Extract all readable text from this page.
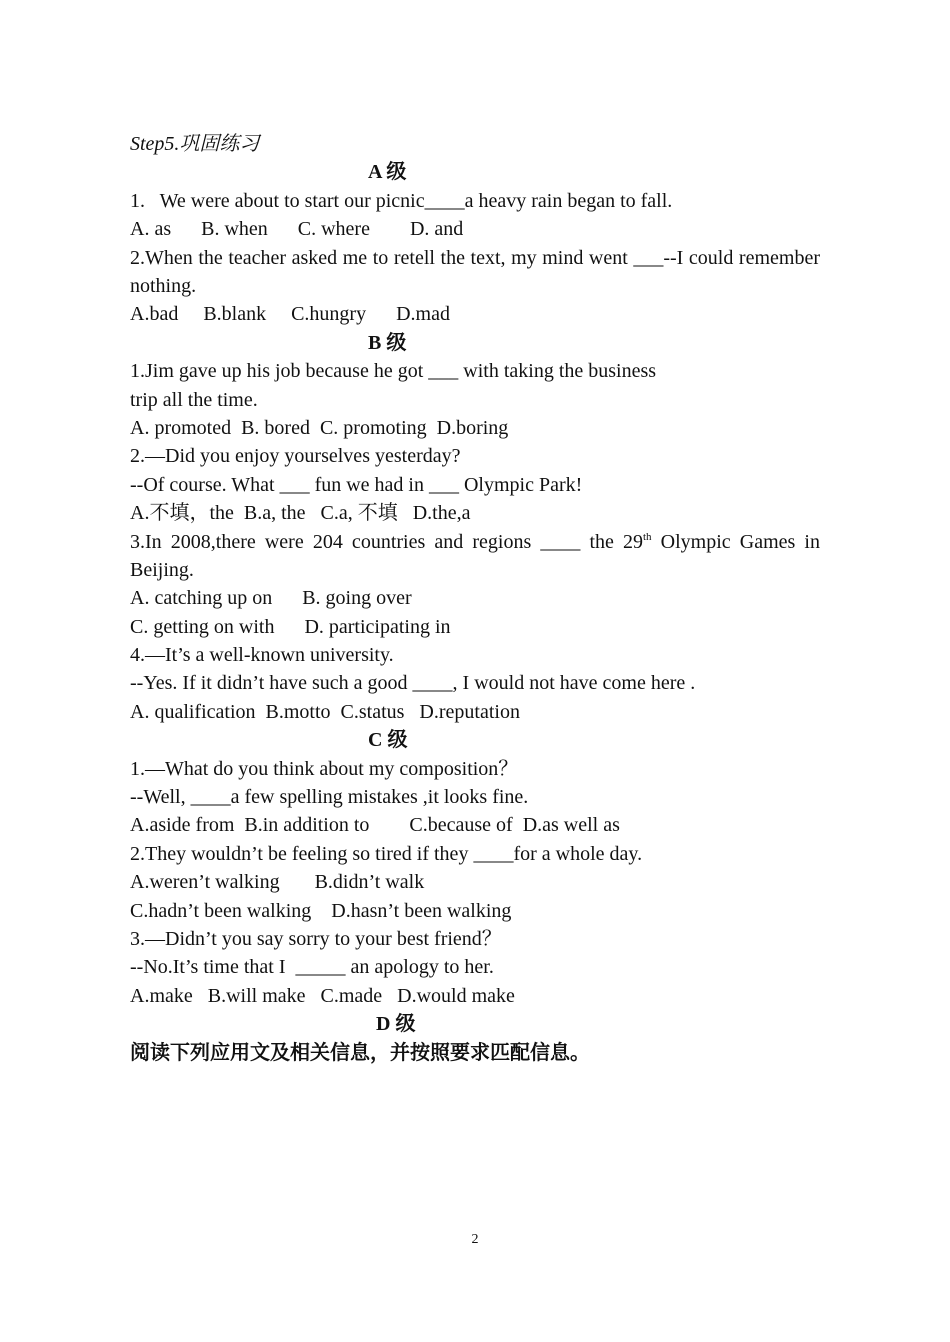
Step5.巩固练习
A 级
1.   We were about to start our picnic____a heavy rain began to fall.
A. as      B. when      C. where        D. and
2.When the teacher asked me to retell the text, my mind went ___--I could remember nothing.
A.bad     B.blank     C.hungry      D.mad
B 级
1.Jim gave up his job because he got ___ with taking the business
trip all the time.
A. promoted  B. bored  C. promoting  D.boring
2.—Did you enjoy yourselves yesterday?
--Of course. What ___ fun we had in ___ Olympic Park!
A.不填，the  B.a, the   C.a, 不填   D.the,a
3.In 2008,there were 204 countries and regions ____ the 29th Olympic Games in Beijing.
A. catching up on      B. going over
C. getting on with      D. participating in
4.—It’s a well-known university.
--Yes. If it didn’t have such a good ____, I would not have come here .
A. qualification  B.motto  C.status   D.reputation
C 级
1.—What do you think about my composition？
--Well, ____a few spelling mistakes ,it looks fine.
A.aside from  B.in addition to        C.because of  D.as well as
2.They wouldn’t be feeling so tired if they ____for a whole day.
A.weren’t walking       B.didn’t walk
C.hadn’t been walking    D.hasn’t been walking
3.—Didn’t you say sorry to your best friend？
--No.It’s time that I  _____ an apology to her.
A.make   B.will make   C.made   D.would make
D 级
阅读下列应用文及相关信息，并按照要求匹配信息。
2
